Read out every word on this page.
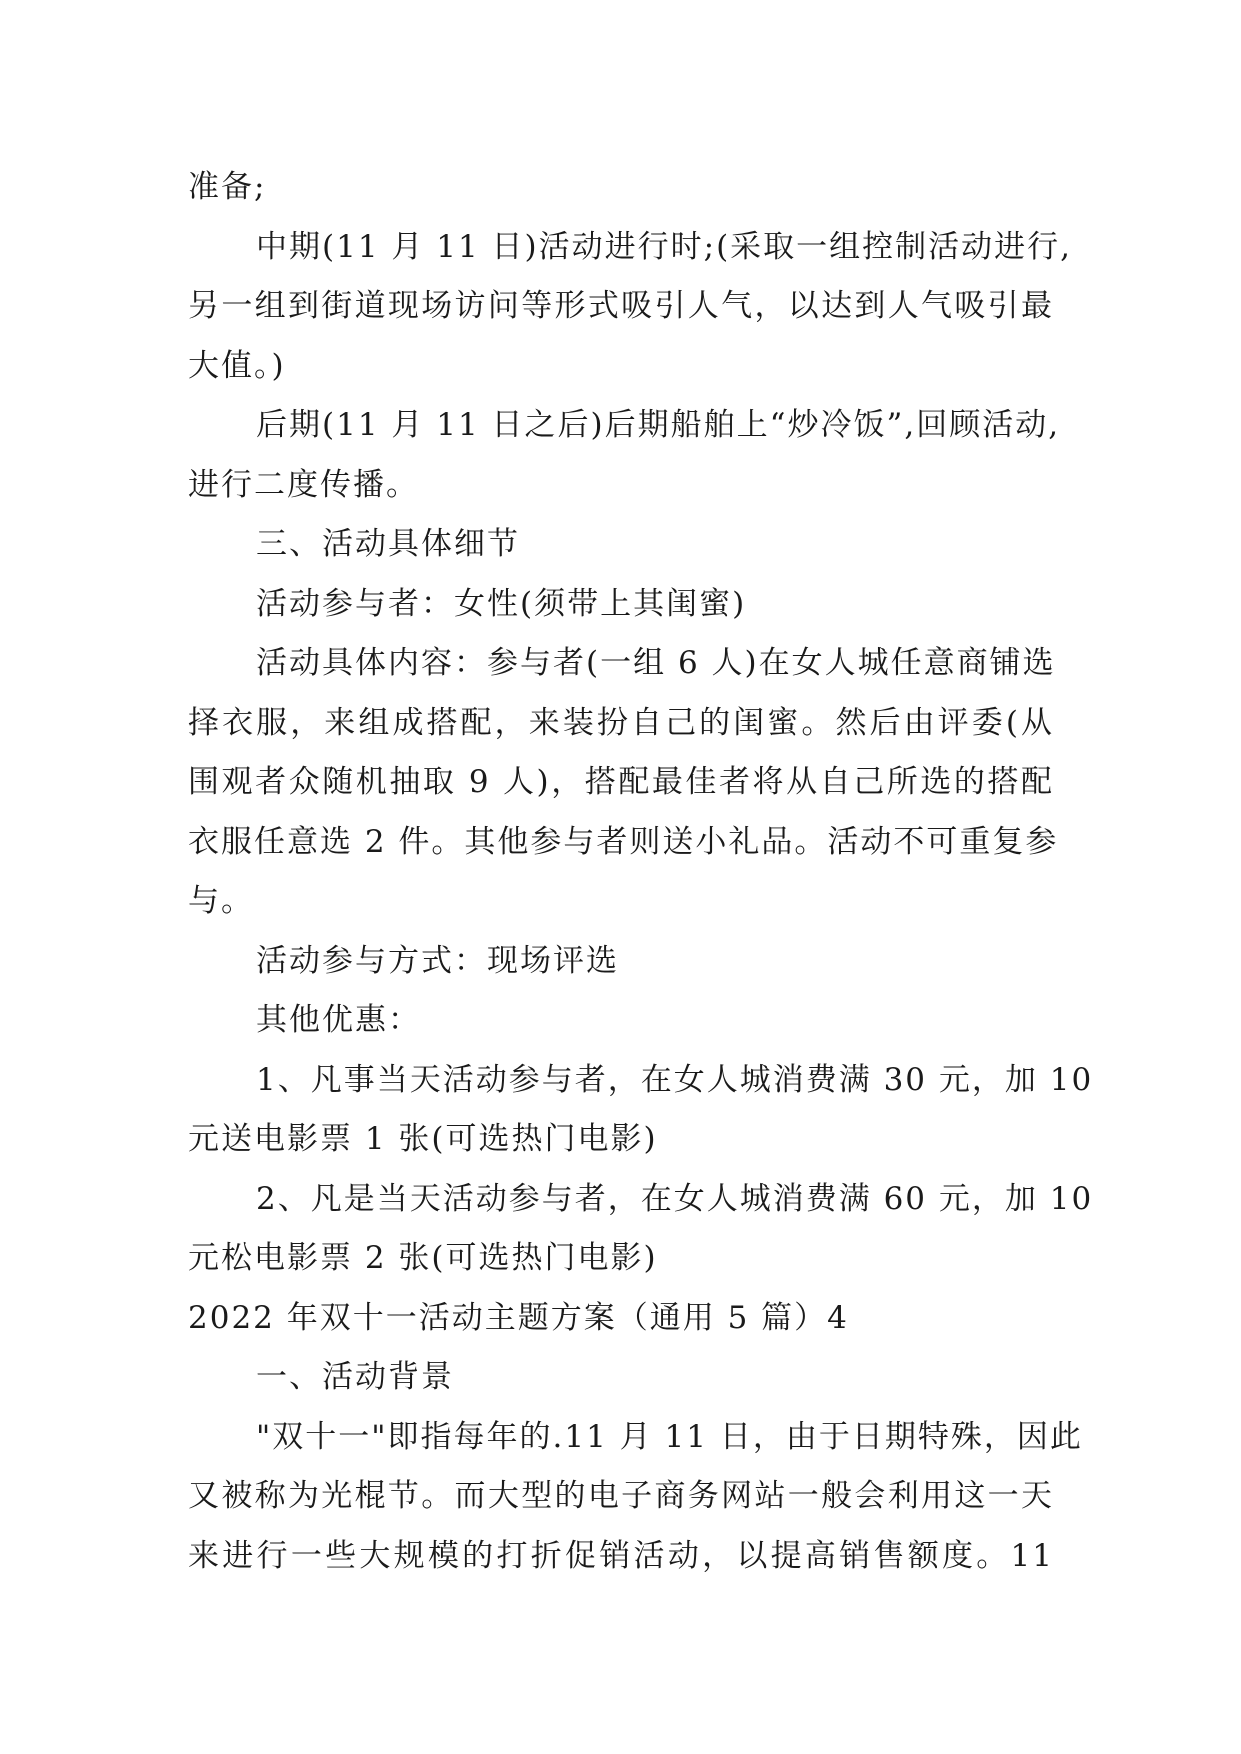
准备;
中期(11 月 11 日)活动进行时;(采取一组控制活动进行,
另一组到街道现场访问等形式吸引人气，以达到人气吸引最
大值。)
后期(11 月 11 日之后)后期船舶上“炒冷饭”,回顾活动,
进行二度传播。
三、活动具体细节
活动参与者：女性(须带上其闺蜜)
活动具体内容：参与者(一组 6 人)在女人城任意商铺选
择衣服，来组成搭配，来装扮自己的闺蜜。然后由评委(从
围观者众随机抽取 9 人)，搭配最佳者将从自己所选的搭配
衣服任意选 2 件。其他参与者则送小礼品。活动不可重复参
与。
活动参与方式：现场评选
其他优惠：
1、凡事当天活动参与者，在女人城消费满 30 元，加 10
元送电影票 1 张(可选热门电影)
2、凡是当天活动参与者，在女人城消费满 60 元，加 10
元松电影票 2 张(可选热门电影)
2022 年双十一活动主题方案（通用 5 篇）4
一、活动背景
"双十一"即指每年的.11 月 11 日，由于日期特殊，因此
又被称为光棍节。而大型的电子商务网站一般会利用这一天
来进行一些大规模的打折促销活动，以提高销售额度。11
